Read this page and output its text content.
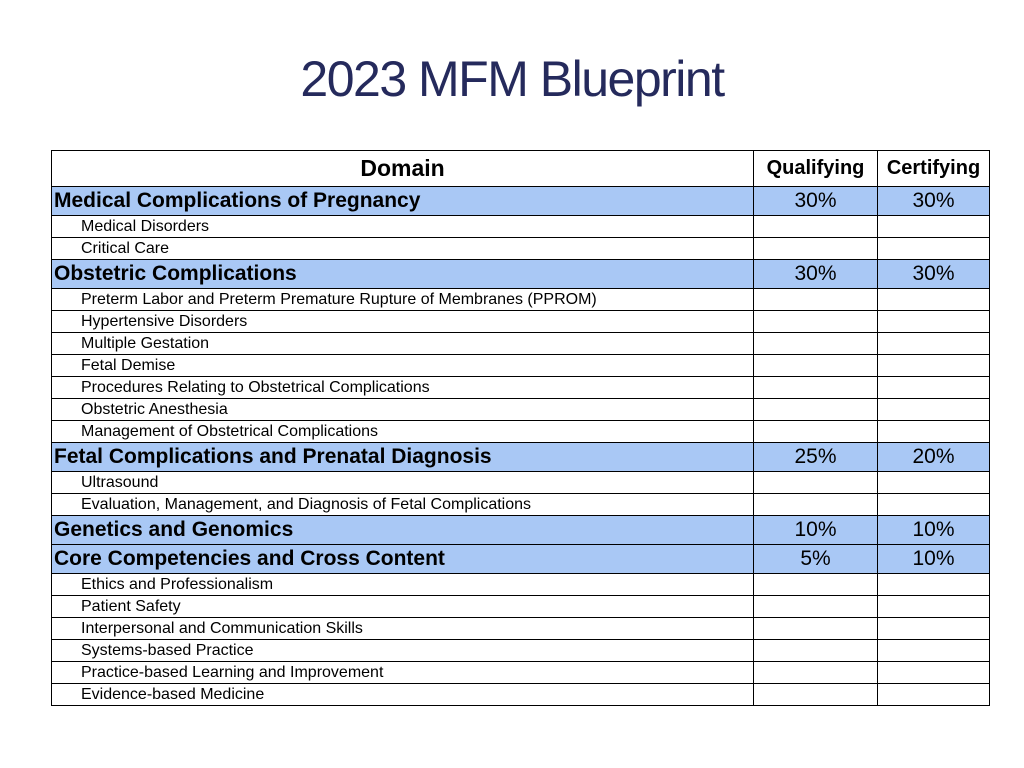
2023 MFM Blueprint
Domain	Qualifying	Certifying
Medical Complications of Pregnancy	30%	30%
Medical Disorders		
Critical Care		
Obstetric Complications	30%	30%
Preterm Labor and Preterm Premature Rupture of Membranes (PPROM)		
Hypertensive Disorders		
Multiple Gestation		
Fetal Demise		
Procedures Relating to Obstetrical Complications		
Obstetric Anesthesia		
Management of Obstetrical Complications		
Fetal Complications and Prenatal Diagnosis	25%	20%
Ultrasound		
Evaluation, Management, and Diagnosis of Fetal Complications		
Genetics and Genomics	10%	10%
Core Competencies and Cross Content	5%	10%
Ethics and Professionalism		
Patient Safety		
Interpersonal and Communication Skills		
Systems-based Practice		
Practice-based Learning and Improvement		
Evidence-based Medicine		
